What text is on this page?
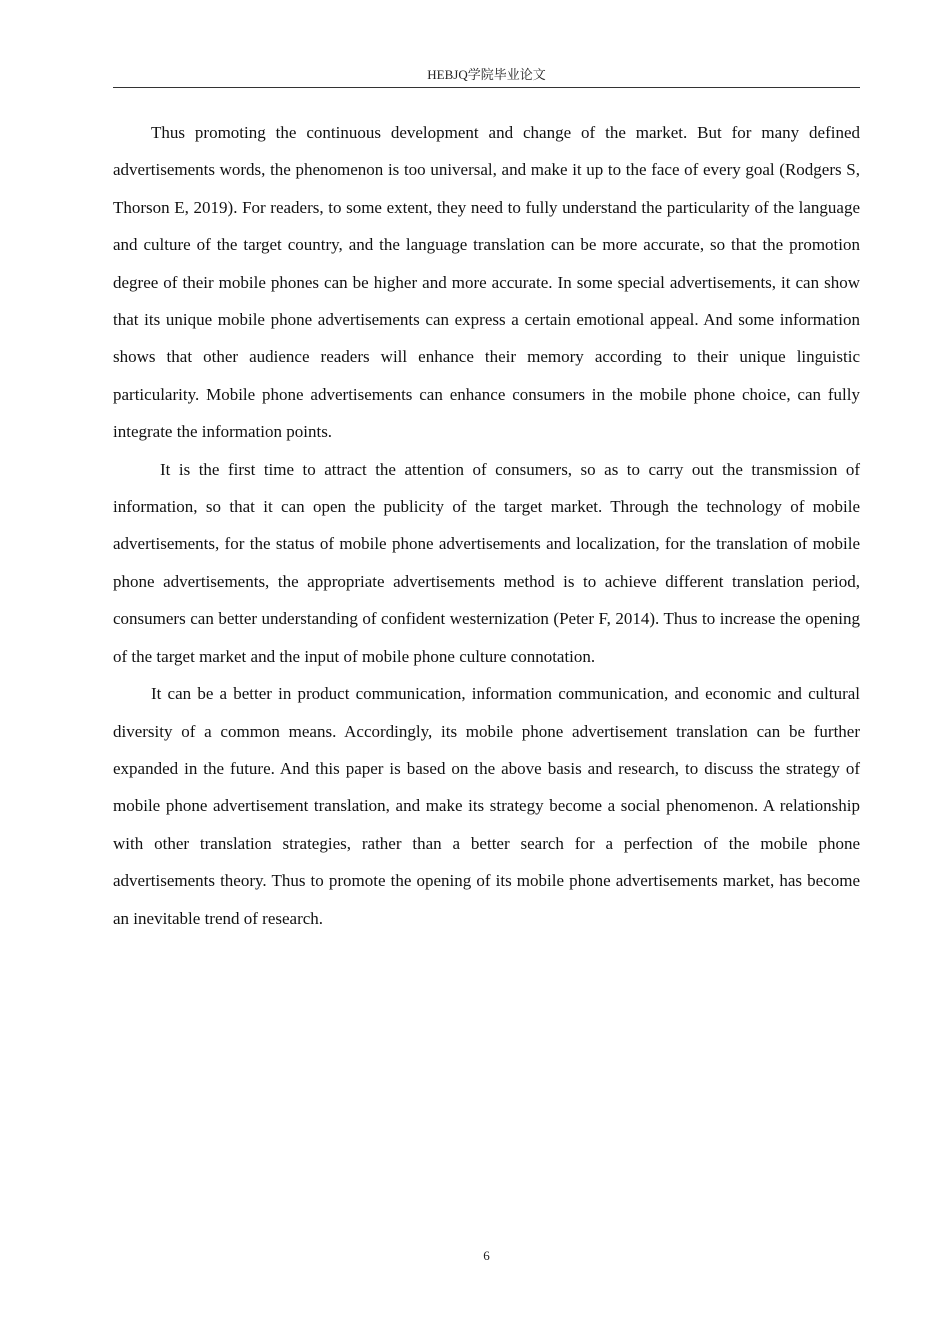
HEBJQ学院毕业论文

Thus promoting the continuous development and change of the market. But for many defined advertisements words, the phenomenon is too universal, and make it up to the face of every goal (Rodgers S, Thorson E, 2019). For readers, to some extent, they need to fully understand the particularity of the language and culture of the target country, and the language translation can be more accurate, so that the promotion degree of their mobile phones can be higher and more accurate. In some special advertisements, it can show that its unique mobile phone advertisements can express a certain emotional appeal. And some information shows that other audience readers will enhance their memory according to their unique linguistic particularity. Mobile phone advertisements can enhance consumers in the mobile phone choice, can fully integrate the information points.

It is the first time to attract the attention of consumers, so as to carry out the transmission of information, so that it can open the publicity of the target market. Through the technology of mobile advertisements, for the status of mobile phone advertisements and localization, for the translation of mobile phone advertisements, the appropriate advertisements method is to achieve different translation period, consumers can better understanding of confident westernization (Peter F, 2014). Thus to increase the opening of the target market and the input of mobile phone culture connotation.

It can be a better in product communication, information communication, and economic and cultural diversity of a common means. Accordingly, its mobile phone advertisement translation can be further expanded in the future. And this paper is based on the above basis and research, to discuss the strategy of mobile phone advertisement translation, and make its strategy become a social phenomenon. A relationship with other translation strategies, rather than a better search for a perfection of the mobile phone advertisements theory. Thus to promote the opening of its mobile phone advertisements market, has become an inevitable trend of research.

6
